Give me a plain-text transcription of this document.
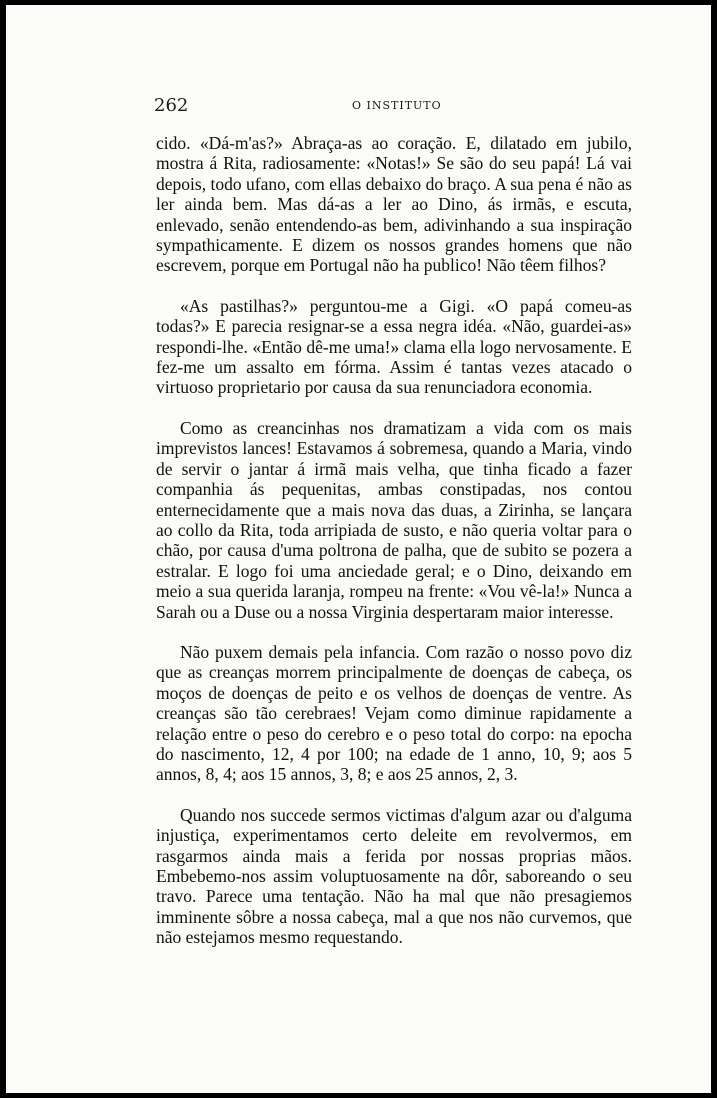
262	O INSTITUTO

cido. «Dá-m'as?» Abraça-as ao coração. E, dilatado em jubilo, mostra á Rita, radiosamente: «Notas!» Se são do seu papá! Lá vai depois, todo ufano, com ellas debaixo do braço. A sua pena é não as ler ainda bem. Mas dá-as a ler ao Dino, ás irmãs, e escuta, enlevado, senão entendendo-as bem, adivinhando a sua inspiração sympathicamente. E dizem os nossos grandes homens que não escrevem, porque em Portugal não ha publico! Não têem filhos?

«As pastilhas?» perguntou-me a Gigi. «O papá comeu-as todas?» E parecia resignar-se a essa negra idéa. «Não, guardei-as» respondi-lhe. «Então dê-me uma!» clama ella logo nervosamente. E fez-me um assalto em fórma. Assim é tantas vezes atacado o virtuoso proprietario por causa da sua renunciadora economia.

Como as creancinhas nos dramatizam a vida com os mais imprevistos lances! Estavamos á sobremesa, quando a Maria, vindo de servir o jantar á irmã mais velha, que tinha ficado a fazer companhia ás pequenitas, ambas constipadas, nos contou enternecidamente que a mais nova das duas, a Zirinha, se lançara ao collo da Rita, toda arripiada de susto, e não queria voltar para o chão, por causa d'uma poltrona de palha, que de subito se pozera a estralar. E logo foi uma anciedade geral; e o Dino, deixando em meio a sua querida laranja, rompeu na frente: «Vou vê-la!» Nunca a Sarah ou a Duse ou a nossa Virginia despertaram maior interesse.

Não puxem demais pela infancia. Com razão o nosso povo diz que as creanças morrem principalmente de doenças de cabeça, os moços de doenças de peito e os velhos de doenças de ventre. As creanças são tão cerebraes! Vejam como diminue rapidamente a relação entre o peso do cerebro e o peso total do corpo: na epocha do nascimento, 12, 4 por 100; na edade de 1 anno, 10, 9; aos 5 annos, 8, 4; aos 15 annos, 3, 8; e aos 25 annos, 2, 3.

Quando nos succede sermos victimas d'algum azar ou d'alguma injustiça, experimentamos certo deleite em revolvermos, em rasgarmos ainda mais a ferida por nossas proprias mãos. Embebemo-nos assim voluptuosamente na dôr, saboreando o seu travo. Parece uma tentação. Não ha mal que não presagiemos imminente sôbre a nossa cabeça, mal a que nos não curvemos, que não estejamos mesmo requestando.
